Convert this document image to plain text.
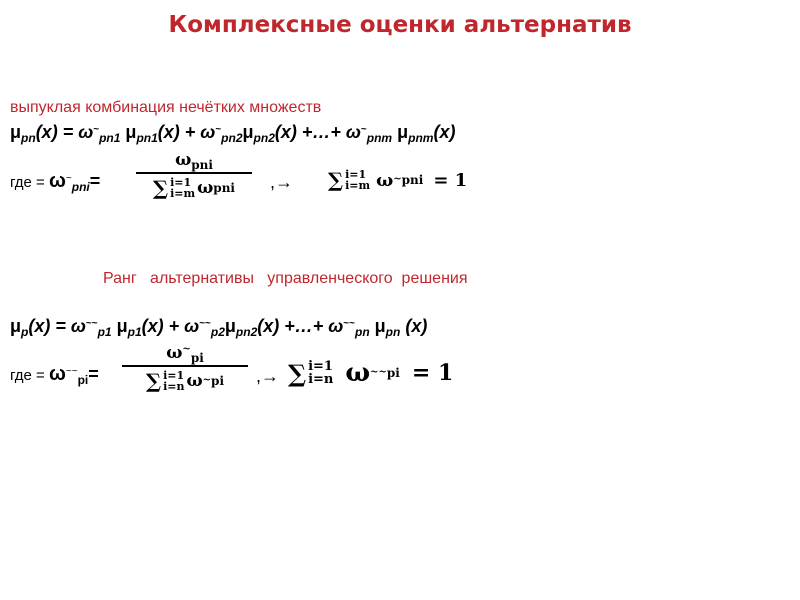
Комплексные оценки альтернатив
выпуклая комбинация нечётких множеств
$\mu_{pn}(x) = \omega^\sim_{pn1}$ $\mu_{pn1}(x) + \omega^\sim_{pn2}\mu_{pn2}(x)$ +…+ $\omega^\sim_{pnm}$ $\mu_{pnm}(x)$
где = $\omega^\sim_{pni}=$
$\omega_{pni}$
∑ i=1
i=m ω pni ,→ ∑ i=1
i=m ω ~ pni = 1
Ранг   альтернативы   управленческого  решения
$\mu_p(x) = \omega^{\sim\sim}_{p1}$ $\mu_{p1}(x) + \omega^{\sim\sim}_{p2}\mu_{pn2}(x)$ +…+ $\omega^{\sim\sim}_{pn}$ $\mu_{pn}$ (x)
где = $\omega^{\sim\sim}_{pi}=$
$\omega^\sim_{pi}$
∑ i=1
i=n ω ~ pi ,→ ∑ i=1
i=n ω ~~ pi = 1
